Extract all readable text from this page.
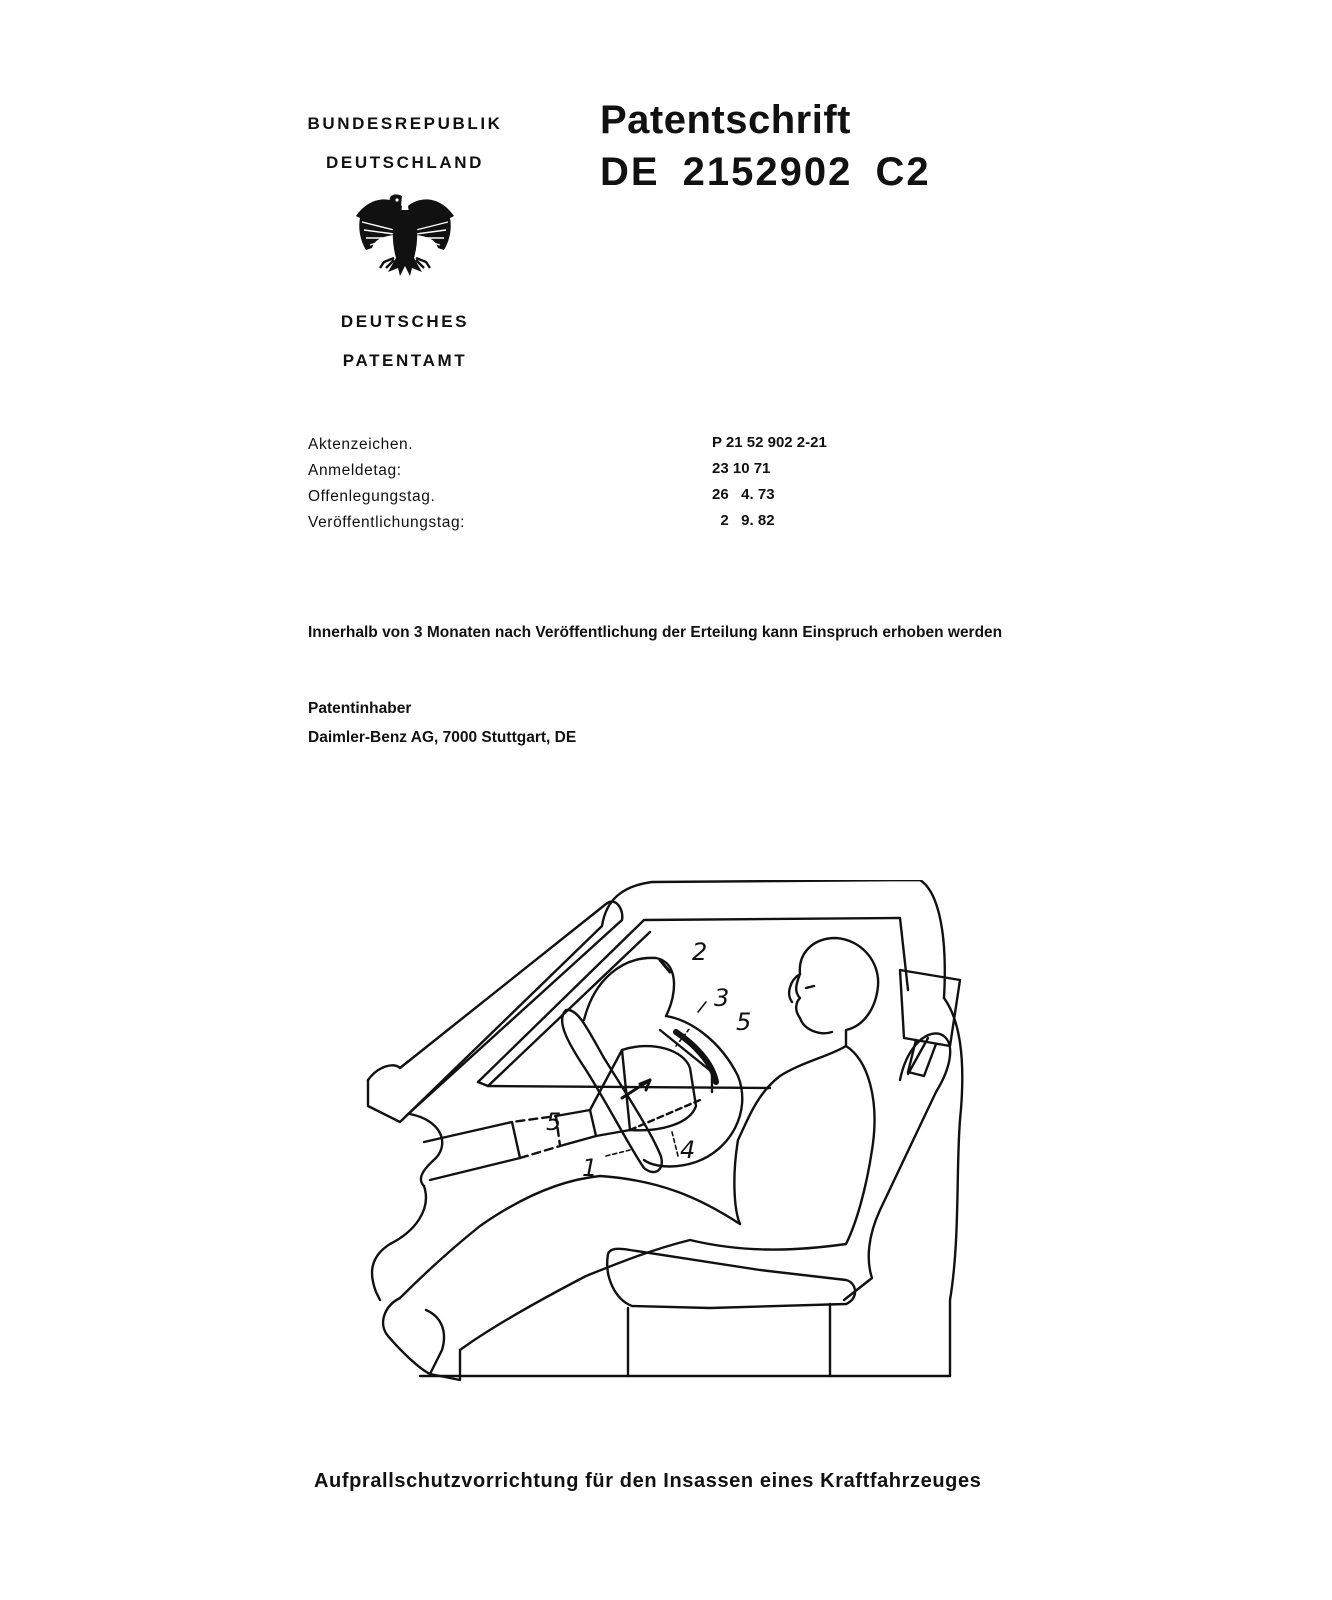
BUNDESREPUBLIK
DEUTSCHLAND
DEUTSCHES
PATENTAMT
Patentschrift
DE 2152902 C2
Aktenzeichen.	P 21 52 902 2-21
Anmeldetag:	23 10 71
Offenlegungstag.	26   4. 73
Veröffentlichungstag:	2   9. 82
Innerhalb von 3 Monaten nach Veröffentlichung der Erteilung kann Einspruch erhoben werden
Patentinhaber
Daimler-Benz AG, 7000 Stuttgart, DE
2
3
5
5
4
1
Aufprallschutzvorrichtung für den Insassen eines Kraftfahrzeuges
